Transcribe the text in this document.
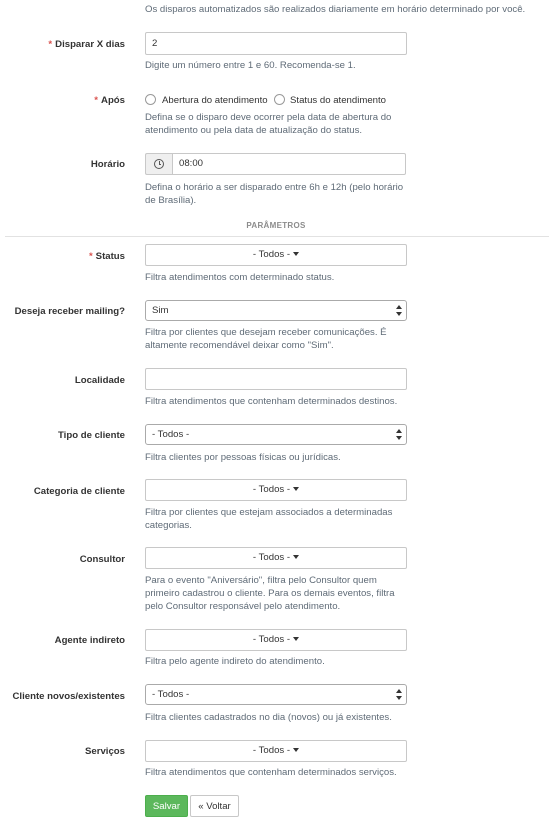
Os disparos automatizados são realizados diariamente em horário determinado por você.
* Disparar X dias	2
Digite um número entre 1 e 60. Recomenda-se 1.
* Após	Abertura do atendimento Status do atendimento
Defina se o disparo deve ocorrer pela data de abertura do atendimento ou pela data de atualização do status.
Horário	08:00
Defina o horário a ser disparado entre 6h e 12h (pelo horário de Brasília).
PARÂMETROS
* Status	- Todos -
Filtra atendimentos com determinado status.
Deseja receber mailing?	Sim
Filtra por clientes que desejam receber comunicações. É altamente recomendável deixar como "Sim".
Localidade
Filtra atendimentos que contenham determinados destinos.
Tipo de cliente	- Todos -
Filtra clientes por pessoas físicas ou jurídicas.
Categoria de cliente	- Todos -
Filtra por clientes que estejam associados a determinadas categorias.
Consultor	- Todos -
Para o evento "Aniversário", filtra pelo Consultor quem primeiro cadastrou o cliente. Para os demais eventos, filtra pelo Consultor responsável pelo atendimento.
Agente indireto	- Todos -
Filtra pelo agente indireto do atendimento.
Cliente novos/existentes	- Todos -
Filtra clientes cadastrados no dia (novos) ou já existentes.
Serviços	- Todos -
Filtra atendimentos que contenham determinados serviços.
Salvar	« Voltar
